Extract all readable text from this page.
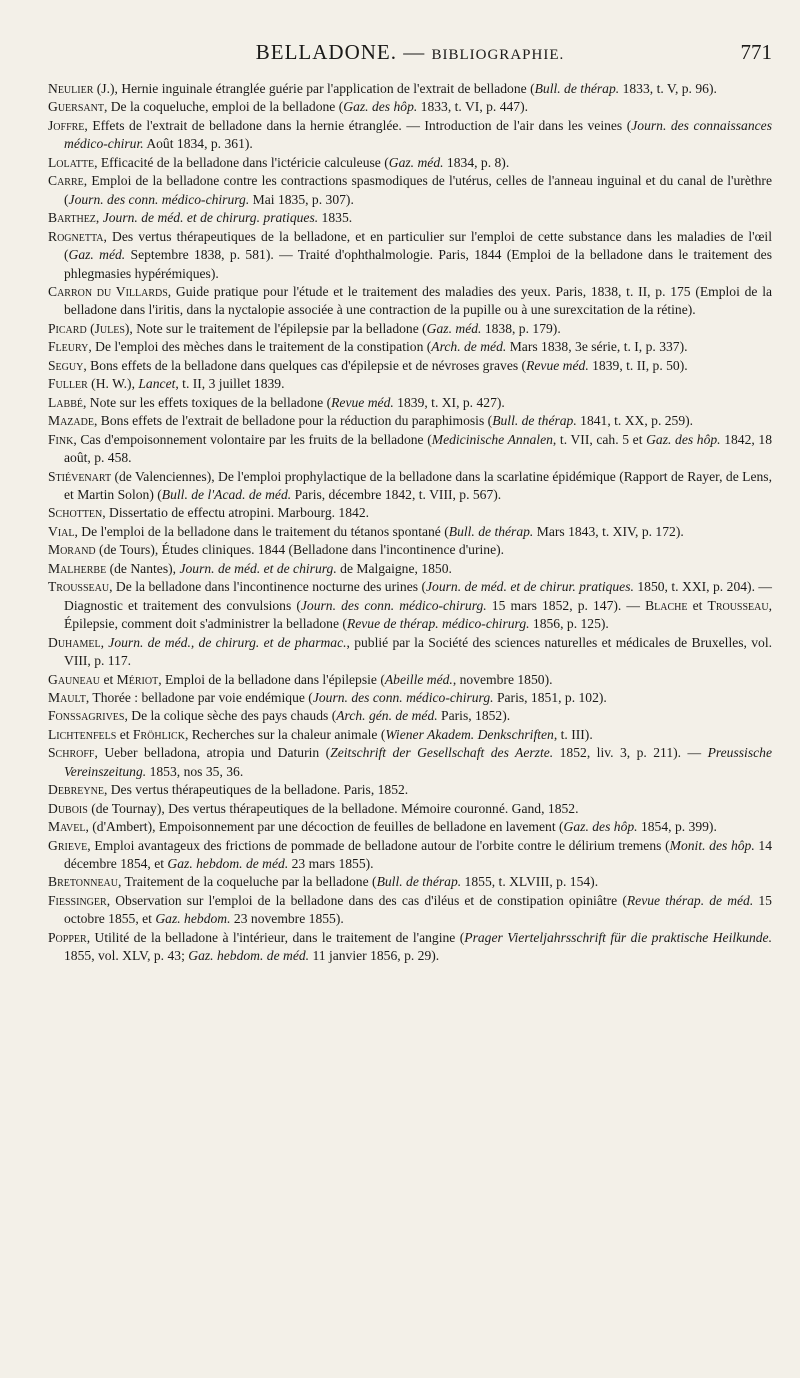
BELLADONE. — BIBLIOGRAPHIE.	771

Neulier (J.), Hernie inguinale étranglée guérie par l'application de l'extrait de belladone (Bull. de thérap. 1833, t. V, p. 96).

Guersant, De la coqueluche, emploi de la belladone (Gaz. des hôp. 1833, t. VI, p. 447).

Joffre, Effets de l'extrait de belladone dans la hernie étranglée. — Introduction de l'air dans les veines (Journ. des connaissances médico-chirur. Août 1834, p. 361).

Lolatte, Efficacité de la belladone dans l'ictéricie calculeuse (Gaz. méd. 1834, p. 8).

Carre, Emploi de la belladone contre les contractions spasmodiques de l'utérus, celles de l'anneau inguinal et du canal de l'urèthre (Journ. des conn. médico-chirurg. Mai 1835, p. 307).

Barthez, Journ. de méd. et de chirurg. pratiques. 1835.

Rognetta, Des vertus thérapeutiques de la belladone, et en particulier sur l'emploi de cette substance dans les maladies de l'œil (Gaz. méd. Septembre 1838, p. 581). — Traité d'ophthalmologie. Paris, 1844 (Emploi de la belladone dans le traitement des phlegmasies hypérémiques).

Carron du Villards, Guide pratique pour l'étude et le traitement des maladies des yeux. Paris, 1838, t. II, p. 175 (Emploi de la belladone dans l'iritis, dans la nyctalopie associée à une contraction de la pupille ou à une surexcitation de la rétine).

Picard (Jules), Note sur le traitement de l'épilepsie par la belladone (Gaz. méd. 1838, p. 179).

Fleury, De l'emploi des mèches dans le traitement de la constipation (Arch. de méd. Mars 1838, 3e série, t. I, p. 337).

Seguy, Bons effets de la belladone dans quelques cas d'épilepsie et de névroses graves (Revue méd. 1839, t. II, p. 50).

Fuller (H. W.), Lancet, t. II, 3 juillet 1839.

Labbé, Note sur les effets toxiques de la belladone (Revue méd. 1839, t. XI, p. 427).

Mazade, Bons effets de l'extrait de belladone pour la réduction du paraphimosis (Bull. de thérap. 1841, t. XX, p. 259).

Fink, Cas d'empoisonnement volontaire par les fruits de la belladone (Medicinische Annalen, t. VII, cah. 5 et Gaz. des hôp. 1842, 18 août, p. 458.

Stiévenart (de Valenciennes), De l'emploi prophylactique de la belladone dans la scarlatine épidémique (Rapport de Rayer, de Lens, et Martin Solon) (Bull. de l'Acad. de méd. Paris, décembre 1842, t. VIII, p. 567).

Schotten, Dissertatio de effectu atropini. Marbourg. 1842.

Vial, De l'emploi de la belladone dans le traitement du tétanos spontané (Bull. de thérap. Mars 1843, t. XIV, p. 172).

Morand (de Tours), Études cliniques. 1844 (Belladone dans l'incontinence d'urine).

Malherbe (de Nantes), Journ. de méd. et de chirurg. de Malgaigne, 1850.

Trousseau, De la belladone dans l'incontinence nocturne des urines (Journ. de méd. et de chirur. pratiques. 1850, t. XXI, p. 204). — Diagnostic et traitement des convulsions (Journ. des conn. médico-chirurg. 15 mars 1852, p. 147). — Blache et Trousseau, Épilepsie, comment doit s'administrer la belladone (Revue de thérap. médico-chirurg. 1856, p. 125).

Duhamel, Journ. de méd., de chirurg. et de pharmac., publié par la Société des sciences naturelles et médicales de Bruxelles, vol. VIII, p. 117.

Gauneau et Mériot, Emploi de la belladone dans l'épilepsie (Abeille méd., novembre 1850).

Mault, Thorée : belladone par voie endémique (Journ. des conn. médico-chirurg. Paris, 1851, p. 102).

Fonssagrives, De la colique sèche des pays chauds (Arch. gén. de méd. Paris, 1852).

Lichtenfels et Fröhlick, Recherches sur la chaleur animale (Wiener Akadem. Denkschriften, t. III).

Schroff, Ueber belladona, atropia und Daturin (Zeitschrift der Gesellschaft des Aerzte. 1852, liv. 3, p. 211). — Preussische Vereinszeitung. 1853, nos 35, 36.

Debreyne, Des vertus thérapeutiques de la belladone. Paris, 1852.

Dubois (de Tournay), Des vertus thérapeutiques de la belladone. Mémoire couronné. Gand, 1852.

Mavel, (d'Ambert), Empoisonnement par une décoction de feuilles de belladone en lavement (Gaz. des hôp. 1854, p. 399).

Grieve, Emploi avantageux des frictions de pommade de belladone autour de l'orbite contre le délirium tremens (Monit. des hôp. 14 décembre 1854, et Gaz. hebdom. de méd. 23 mars 1855).

Bretonneau, Traitement de la coqueluche par la belladone (Bull. de thérap. 1855, t. XLVIII, p. 154).

Fiessinger, Observation sur l'emploi de la belladone dans des cas d'iléus et de constipation opiniâtre (Revue thérap. de méd. 15 octobre 1855, et Gaz. hebdom. 23 novembre 1855).

Popper, Utilité de la belladone à l'intérieur, dans le traitement de l'angine (Prager Vierteljahrsschrift für die praktische Heilkunde. 1855, vol. XLV, p. 43; Gaz. hebdom. de méd. 11 janvier 1856, p. 29).
